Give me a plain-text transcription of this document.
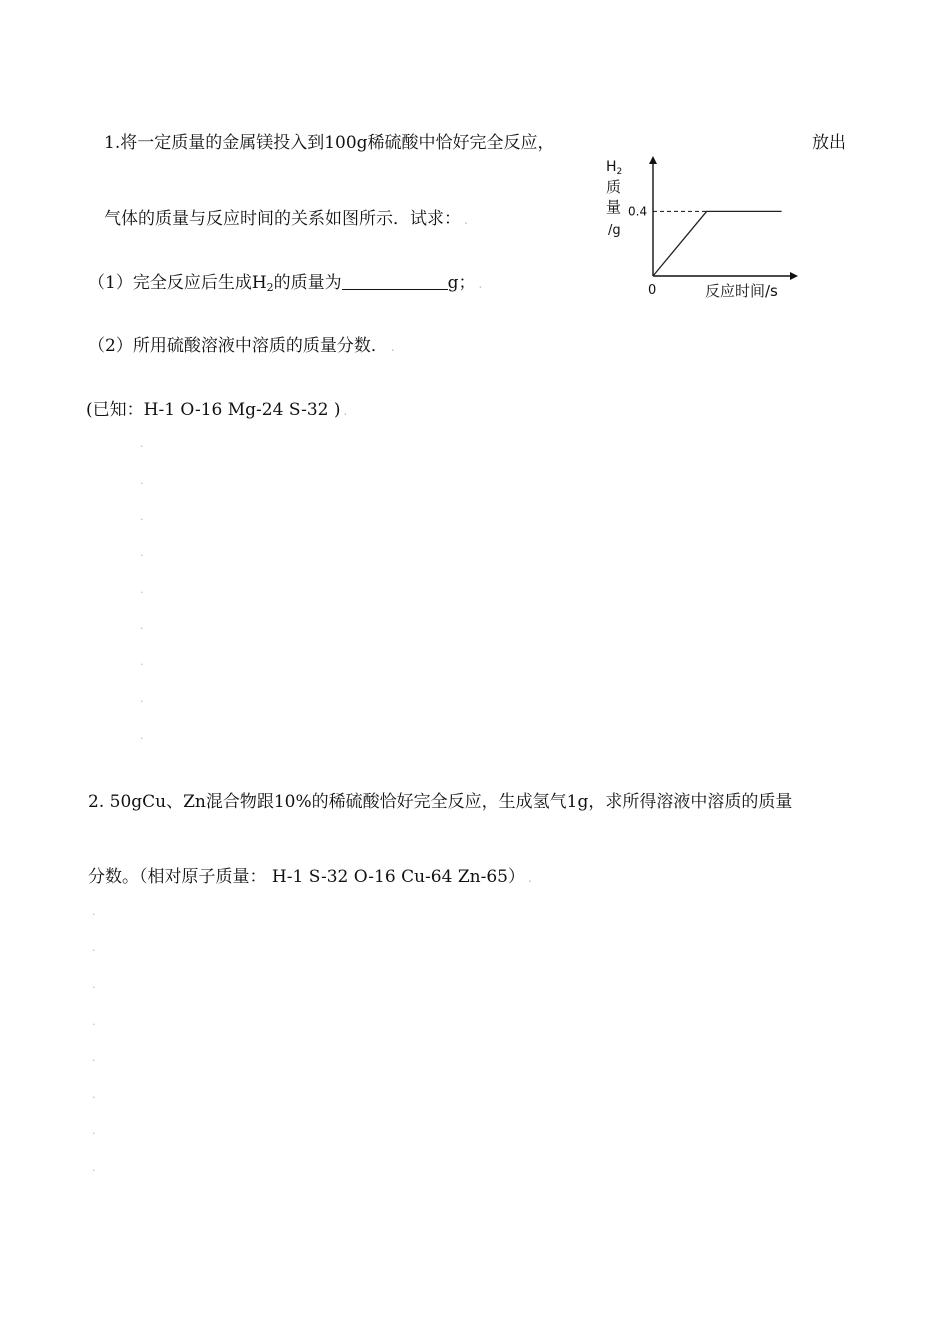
1.将一定质量的金属镁投入到100g稀硫酸中恰好完全反应，	放出
气体的质量与反应时间的关系如图所示．试求： .
（1）完全反应后生成$H_2$的质量为	g； .
（2）所用硫酸溶液中溶质的质量分数． .
(已知：H-1 O-16 Mg-24 S-32 ) .
.
.
.
.
.
.
.
.
.
$H_2$
质
量
/g
0.4
0	反应时间/s
2. 50gCu、Zn混合物跟10%的稀硫酸恰好完全反应，生成氢气1g，求所得溶液中溶质的质量
分数。（相对原子质量： H-1 S-32 O-16 Cu-64 Zn-65） .
.
.
.
.
.
.
.
.
